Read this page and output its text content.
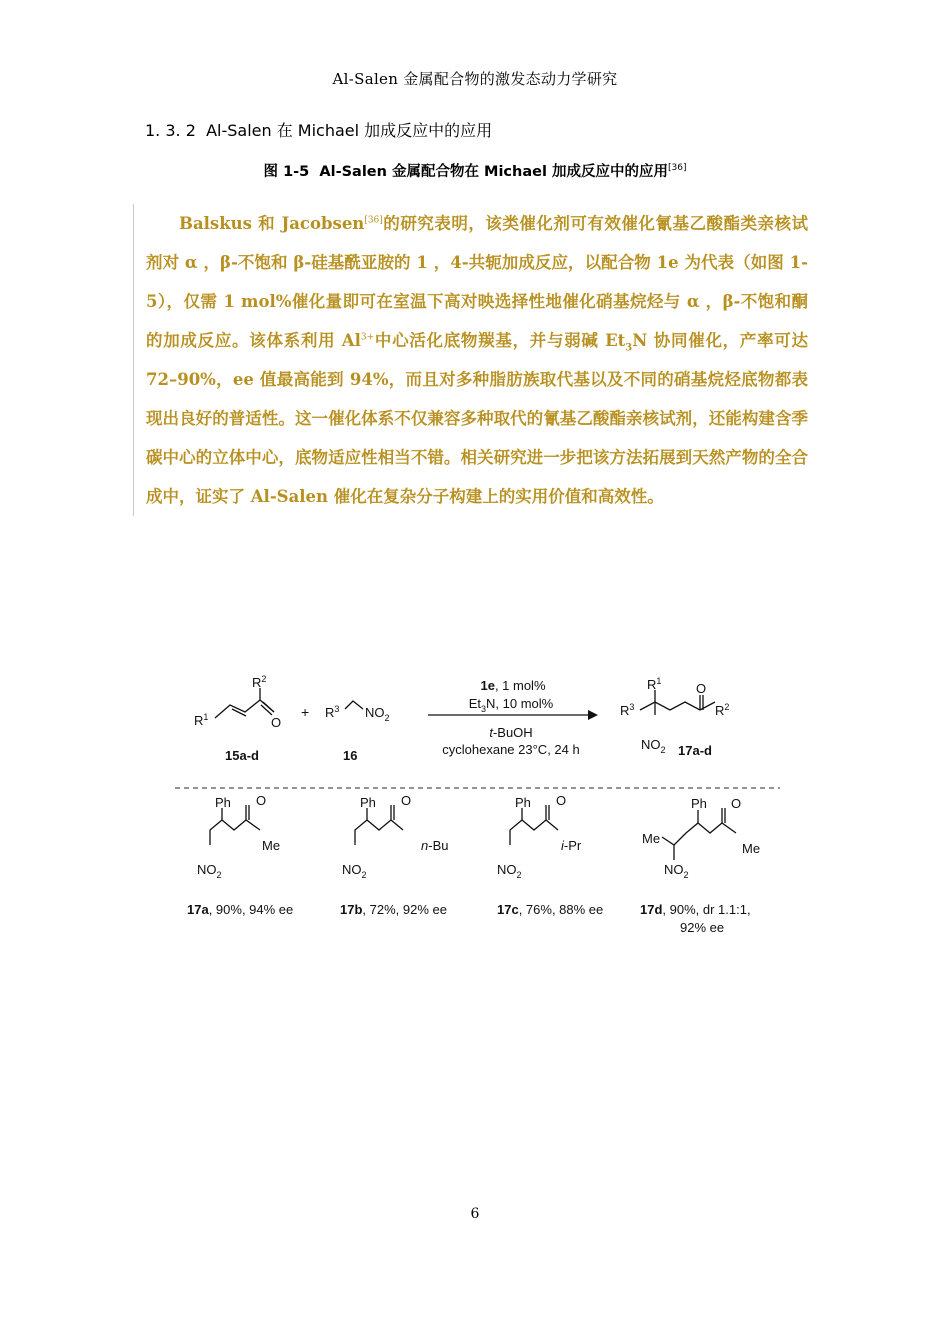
Al-Salen 金属配合物的激发态动力学研究
1. 3. 2 Al-Salen 在 Michael 加成反应中的应用
图 1-5 Al-Salen 金属配合物在 Michael 加成反应中的应用[36]

Balskus 和 Jacobsen[36]的研究表明，该类催化剂可有效催化氰基乙酸酯类亲核试剂对 α ，β-不饱和 β-硅基酰亚胺的 1 ，4-共轭加成反应，以配合物 1e 为代表（如图 1-5），仅需 1 mol%催化量即可在室温下高对映选择性地催化硝基烷烃与 α ，β-不饱和酮的加成反应。该体系利用 $Al^{3+}$中心活化底物羰基，并与弱碱 $Et_3N$ 协同催化，产率可达 72–90%，ee 值最高能到 94%，而且对多种脂肪族取代基以及不同的硝基烷烃底物都表现出良好的普适性。这一催化体系不仅兼容多种取代的氰基乙酸酯亲核试剂，还能构建含季碳中心的立体中心，底物适应性相当不错。相关研究进一步把该方法拓展到天然产物的全合成中，证实了 Al-Salen 催化在复杂分子构建上的实用价值和高效性。

$R^1$
$R^2$
O
15a-d
+ $R^3$ $NO_2$
16
1e, 1 mol%
$Et_3N$, 10 mol%
t-BuOH
cyclohexane 23°C, 24 h
$R^3$
$R^1$	O
$R^2$
$NO_2$ 17a-d
Ph O
Me
$NO_2$
17a, 90%, 94% ee
Ph O
n-Bu
$NO_2$
17b, 72%, 92% ee
Ph O
i-Pr
$NO_2$
17c, 76%, 88% ee
Me
Ph O
Me
$NO_2$
17d, 90%, dr 1.1:1,
92% ee
6
